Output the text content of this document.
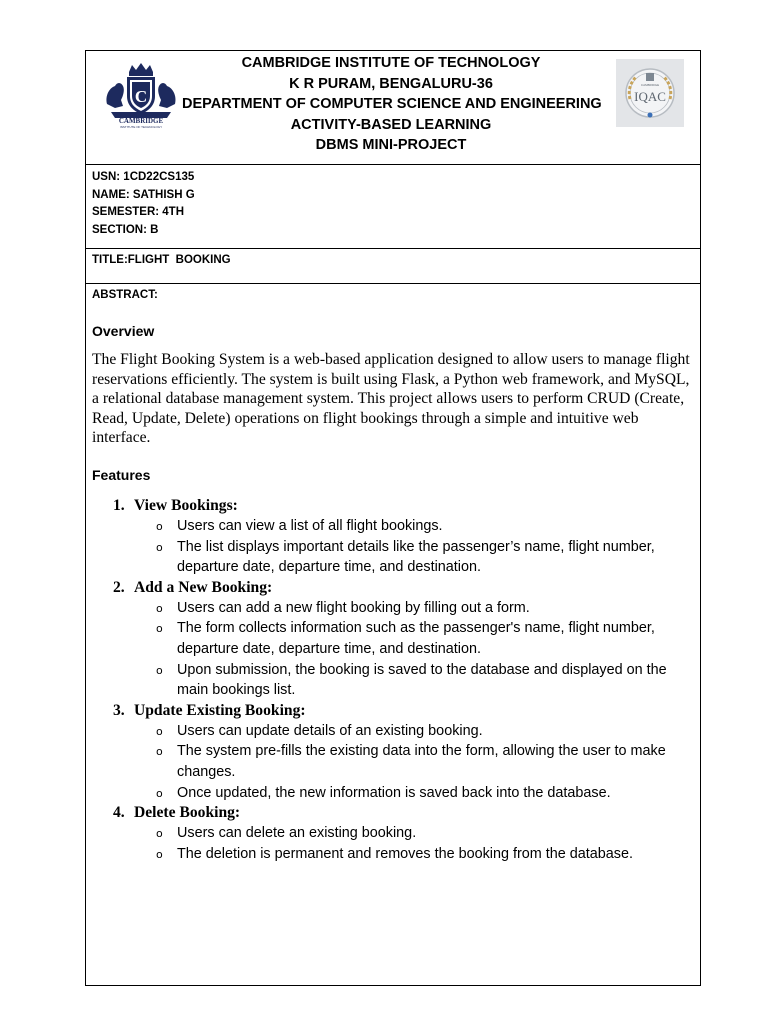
C
CAMBRIDGE
INSTITUTE OF TECHNOLOGY
CAMBRIDGE INSTITUTE OF TECHNOLOGY
K R PURAM, BENGALURU-36
DEPARTMENT OF COMPUTER SCIENCE AND ENGINEERING
ACTIVITY-BASED LEARNING
DBMS MINI-PROJECT
CAMBRIDGE
IQAC
USN: 1CD22CS135
NAME: SATHISH G
SEMESTER: 4TH
SECTION: B
TITLE:FLIGHT  BOOKING
ABSTRACT:
Overview
The Flight Booking System is a web-based application designed to allow users to manage flight reservations efficiently. The system is built using Flask, a Python web framework, and MySQL, a relational database management system. This project allows users to perform CRUD (Create, Read, Update, Delete) operations on flight bookings through a simple and intuitive web interface.
Features
1. View Bookings:
o Users can view a list of all flight bookings.
o The list displays important details like the passenger’s name, flight number, departure date, departure time, and destination.
2. Add a New Booking:
o Users can add a new flight booking by filling out a form.
o The form collects information such as the passenger's name, flight number, departure date, departure time, and destination.
o Upon submission, the booking is saved to the database and displayed on the main bookings list.
3. Update Existing Booking:
o Users can update details of an existing booking.
o The system pre-fills the existing data into the form, allowing the user to make changes.
o Once updated, the new information is saved back into the database.
4. Delete Booking:
o Users can delete an existing booking.
o The deletion is permanent and removes the booking from the database.
